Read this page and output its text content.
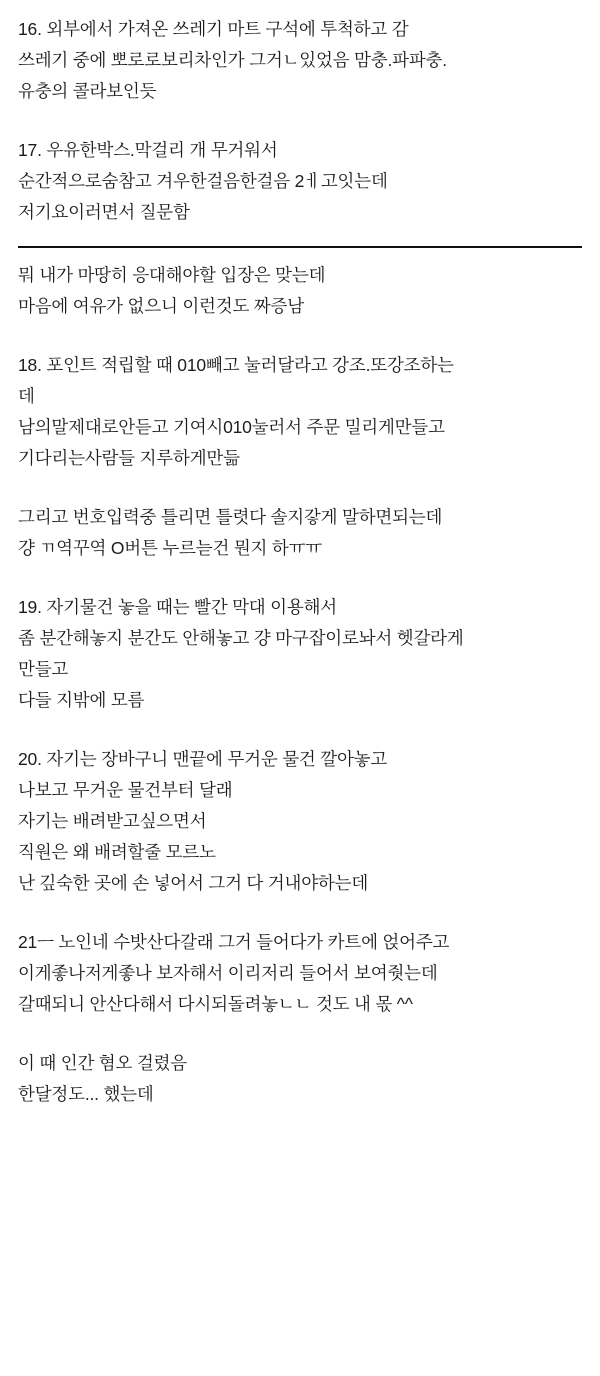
16. 외부에서 가져온 쓰레기 마트 구석에 투척하고 감
쓰레기 중에 뽀로로보리차인가 그거ㄴ있었음 맘충.파파충.
유충의 콜라보인듯
17. 우유한박스.막걸리 개 무거워서
순간적으로숨참고 겨우한걸음한걸음 2ㅔ고잇는데
저기요이러면서 질문함
뭐 내가 마땅히 응대해야할 입장은 맞는데
마음에 여유가 없으니 이런것도 짜증남
18. 포인트 적립할 때 010빼고 눌러달라고 강조.또강조하는
데
남의말제대로안듣고 기여시010눌러서 주문 밀리게만들고
기다리는사람들 지루하게만듦
그리고 번호입력중 틀리면 틀렷다 솔지갛게 말하면되는데
걍 ㄲ역꾸역 O버튼 누르늗건 뭔지 하ㅠㅠ
19. 자기물건 놓을 때는 빨간 막대 이용해서
좀 분간해놓지 분간도 안해놓고 걍 마구잡이로놔서 헷갈라게
만들고
다들 지밖에 모름
20. 자기는 장바구니 맨끝에 무거운 물건 깔아놓고
나보고 무거운 물건부터 달래
자기는 배려받고싶으면서
직원은 왜 배려할줄 모르노
난 깊숙한 곳에 손 넣어서 그거 다 거내야하는데
21ㅡ 노인네 수밧산다갈래 그거 들어다가 카트에 얹어주고
이게좋나저게좋나 보자해서 이리저리 들어서 보여줫는데
갈때되니 안산다해서 다시되돌려놓ㄴㄴ 것도 내 몫 ^^
이 때 인간 혐오 걸렸음
한달정도... 했는데
